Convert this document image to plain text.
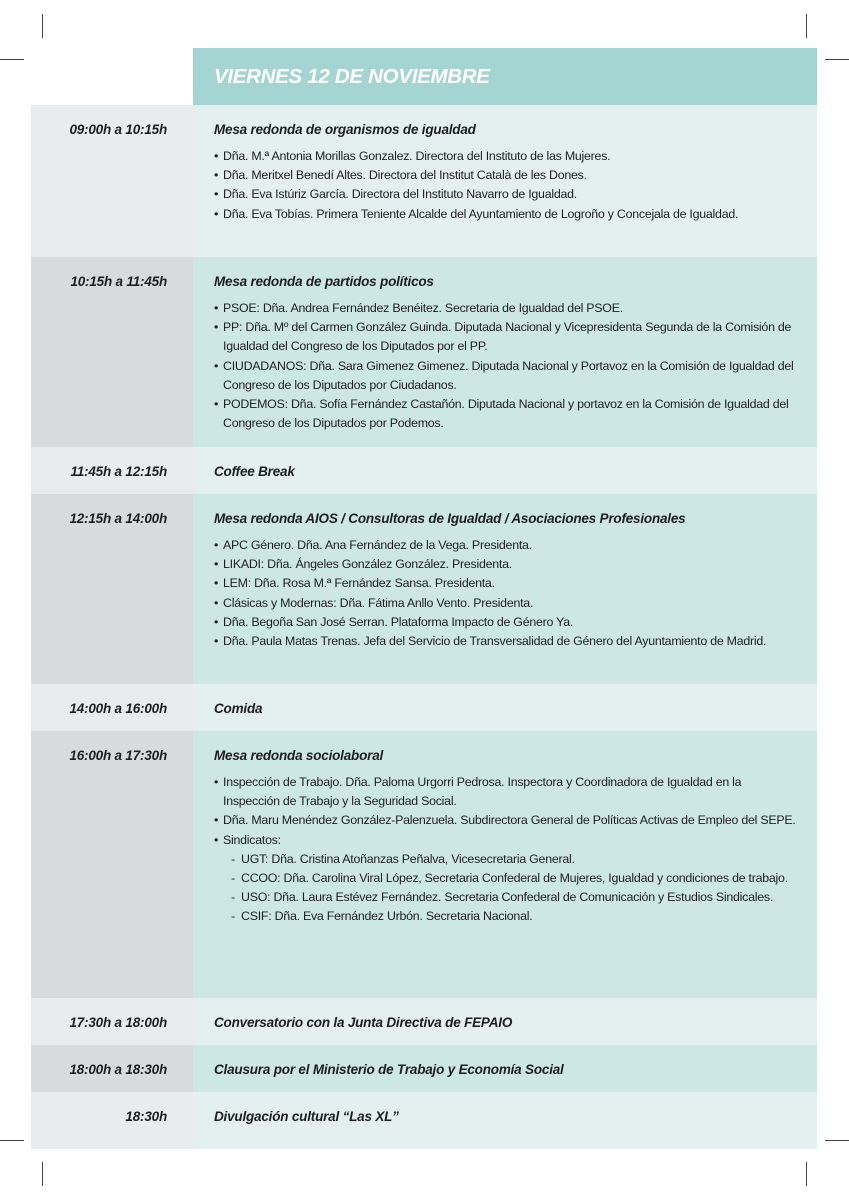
VIERNES 12 DE NOVIEMBRE
09:00h a 10:15h	Mesa redonda de organismos de igualdad

• Dña. M.ª Antonia Morillas Gonzalez. Directora del Instituto de las Mujeres.
• Dña. Meritxel Benedí Altes. Directora del Institut Català de les Dones.
• Dña. Eva Istúriz García. Directora del Instituto Navarro de Igualdad.
• Dña. Eva Tobías. Primera Teniente Alcalde del Ayuntamiento de Logroño y Concejala de Igualdad.
10:15h a 11:45h	Mesa redonda de partidos políticos

• PSOE: Dña. Andrea Fernández Benéitez. Secretaria de Igualdad del PSOE.
• PP: Dña. Mº del Carmen González Guinda. Diputada Nacional y Vicepresidenta Segunda de la Comisión de Igualdad del Congreso de los Diputados por el PP.
• CIUDADANOS: Dña. Sara Gimenez Gimenez. Diputada Nacional y Portavoz en la Comisión de Igualdad del Congreso de los Diputados por Ciudadanos.
• PODEMOS: Dña. Sofía Fernández Castañón. Diputada Nacional y portavoz en la Comisión de Igualdad del Congreso de los Diputados por Podemos.
11:45h a 12:15h	Coffee Break

12:15h a 14:00h	Mesa redonda AIOS / Consultoras de Igualdad / Asociaciones Profesionales

• APC Género. Dña. Ana Fernández de la Vega. Presidenta.
• LIKADI: Dña. Ángeles González González. Presidenta.
• LEM: Dña. Rosa M.ª Fernández Sansa. Presidenta.
• Clásicas y Modernas: Dña. Fátima Anllo Vento. Presidenta.
• Dña. Begoña San José Serran. Plataforma Impacto de Género Ya.
• Dña. Paula Matas Trenas. Jefa del Servicio de Transversalidad de Género del Ayuntamiento de Madrid.
14:00h a 16:00h	Comida

16:00h a 17:30h	Mesa redonda sociolaboral

• Inspección de Trabajo. Dña. Paloma Urgorri Pedrosa. Inspectora y Coordinadora de Igualdad en la Inspección de Trabajo y la Seguridad Social.
• Dña. Maru Menéndez González-Palenzuela. Subdirectora General de Políticas Activas de Empleo del SEPE.
• Sindicatos:
- UGT: Dña. Cristina Atoñanzas Peñalva, Vicesecretaria General.
- CCOO: Dña. Carolina Viral López, Secretaria Confederal de Mujeres, Igualdad y condiciones de trabajo.
- USO: Dña. Laura Estévez Fernández. Secretaria Confederal de Comunicación y Estudios Sindicales.
- CSIF: Dña. Eva Fernández Urbón. Secretaria Nacional.
17:30h a 18:00h	Conversatorio con la Junta Directiva de FEPAIO

18:00h a 18:30h	Clausura por el Ministerio de Trabajo y Economía Social

18:30h	Divulgación cultural “Las XL”
